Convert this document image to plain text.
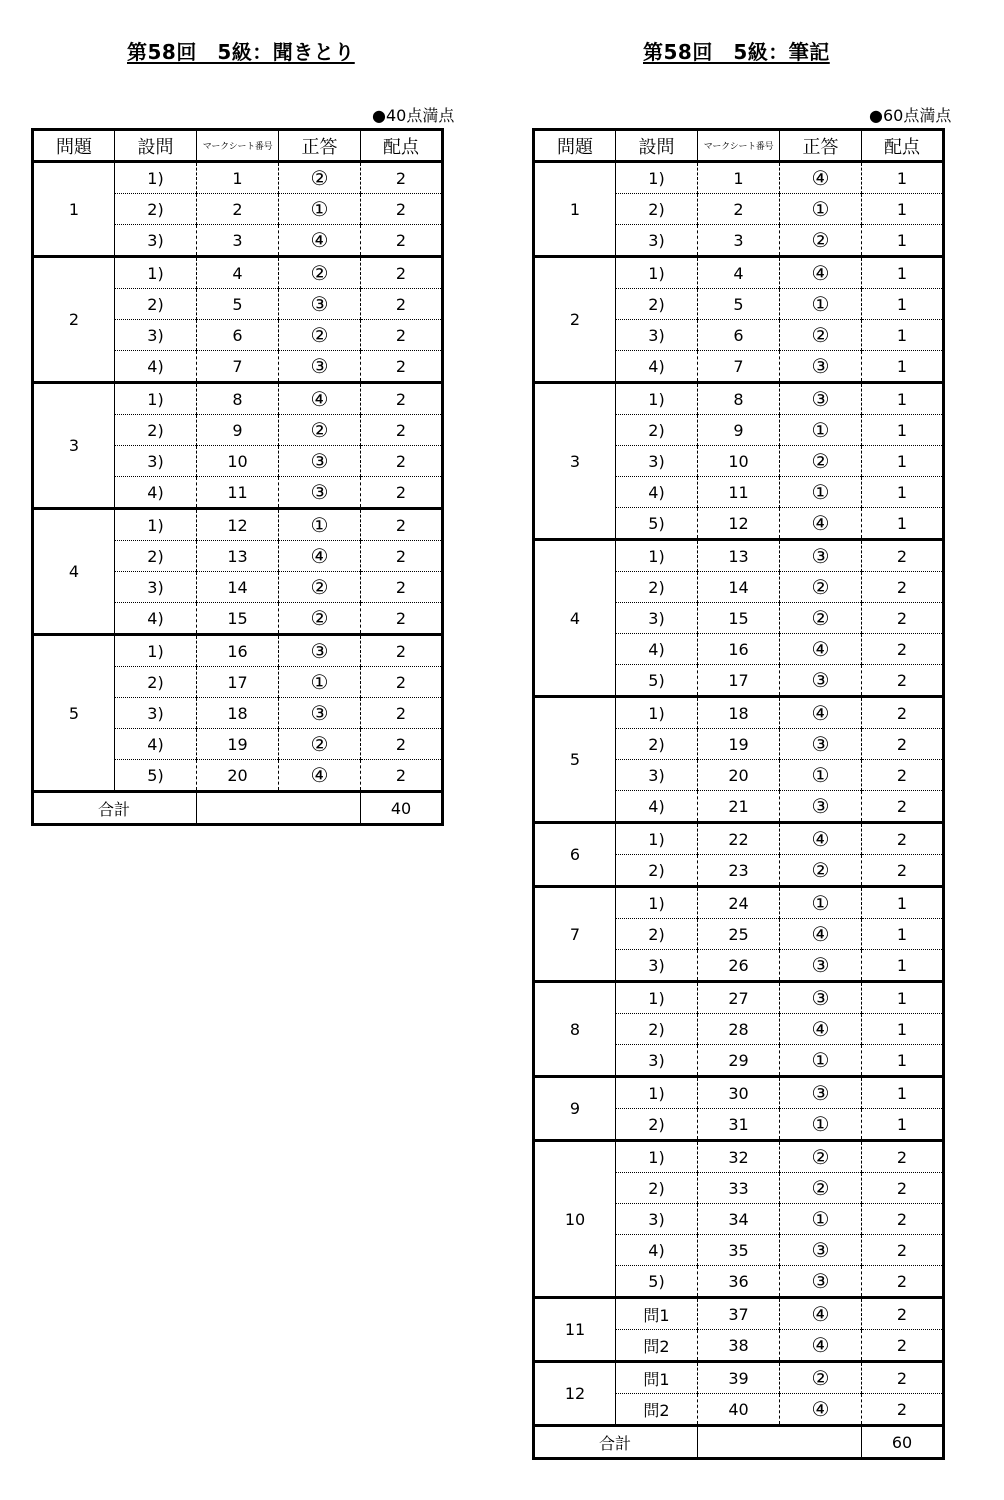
第58回　5級：聞きとり	第58回　5級：筆記
●40点満点	●60点満点
問題	設問	マークシート番号	正答	配点
1	1)	1	②	2
	2)	2	①	2
	3)	3	④	2
2	1)	4	②	2
	2)	5	③	2
	3)	6	②	2
	4)	7	③	2
3	1)	8	④	2
	2)	9	②	2
	3)	10	③	2
	4)	11	③	2
4	1)	12	①	2
	2)	13	④	2
	3)	14	②	2
	4)	15	②	2
5	1)	16	③	2
	2)	17	①	2
	3)	18	③	2
	4)	19	②	2
	5)	20	④	2
合計				40
問題	設問	マークシート番号	正答	配点
1	1)	1	④	1
	2)	2	①	1
	3)	3	②	1
2	1)	4	④	1
	2)	5	①	1
	3)	6	②	1
	4)	7	③	1
3	1)	8	③	1
	2)	9	①	1
	3)	10	②	1
	4)	11	①	1
	5)	12	④	1
4	1)	13	③	2
	2)	14	②	2
	3)	15	②	2
	4)	16	④	2
	5)	17	③	2
5	1)	18	④	2
	2)	19	③	2
	3)	20	①	2
	4)	21	③	2
6	1)	22	④	2
	2)	23	②	2
7	1)	24	①	1
	2)	25	④	1
	3)	26	③	1
8	1)	27	③	1
	2)	28	④	1
	3)	29	①	1
9	1)	30	③	1
	2)	31	①	1
10	1)	32	②	2
	2)	33	②	2
	3)	34	①	2
	4)	35	③	2
	5)	36	③	2
11	問1	37	④	2
	問2	38	④	2
12	問1	39	②	2
	問2	40	④	2
合計				60
